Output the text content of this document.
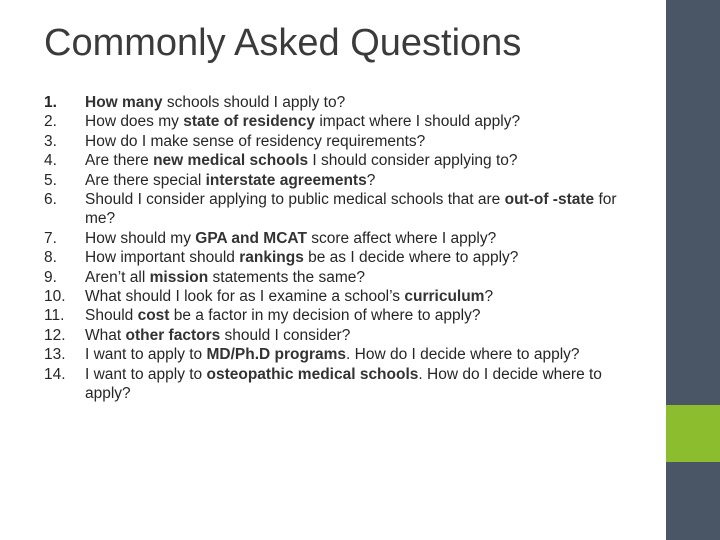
Commonly Asked Questions
1.	How many schools should I apply to?
2.	How does my state of residency impact where I should apply?
3.	How do I make sense of residency requirements?
4.	Are there new medical schools I should consider applying to?
5.	Are there special interstate agreements?
6.	Should I consider applying to public medical schools that are out-of -state for me?
7.	How should my GPA and MCAT score affect where I apply?
8.	How important should rankings be as I decide where to apply?
9.	Aren’t all mission statements the same?
10.	What should I look for as I examine a school’s curriculum?
11.	Should cost be a factor in my decision of where to apply?
12.	What other factors should I consider?
13.	I want to apply to MD/Ph.D programs. How do I decide where to apply?
14.	I want to apply to osteopathic medical schools. How do I decide where to apply?
